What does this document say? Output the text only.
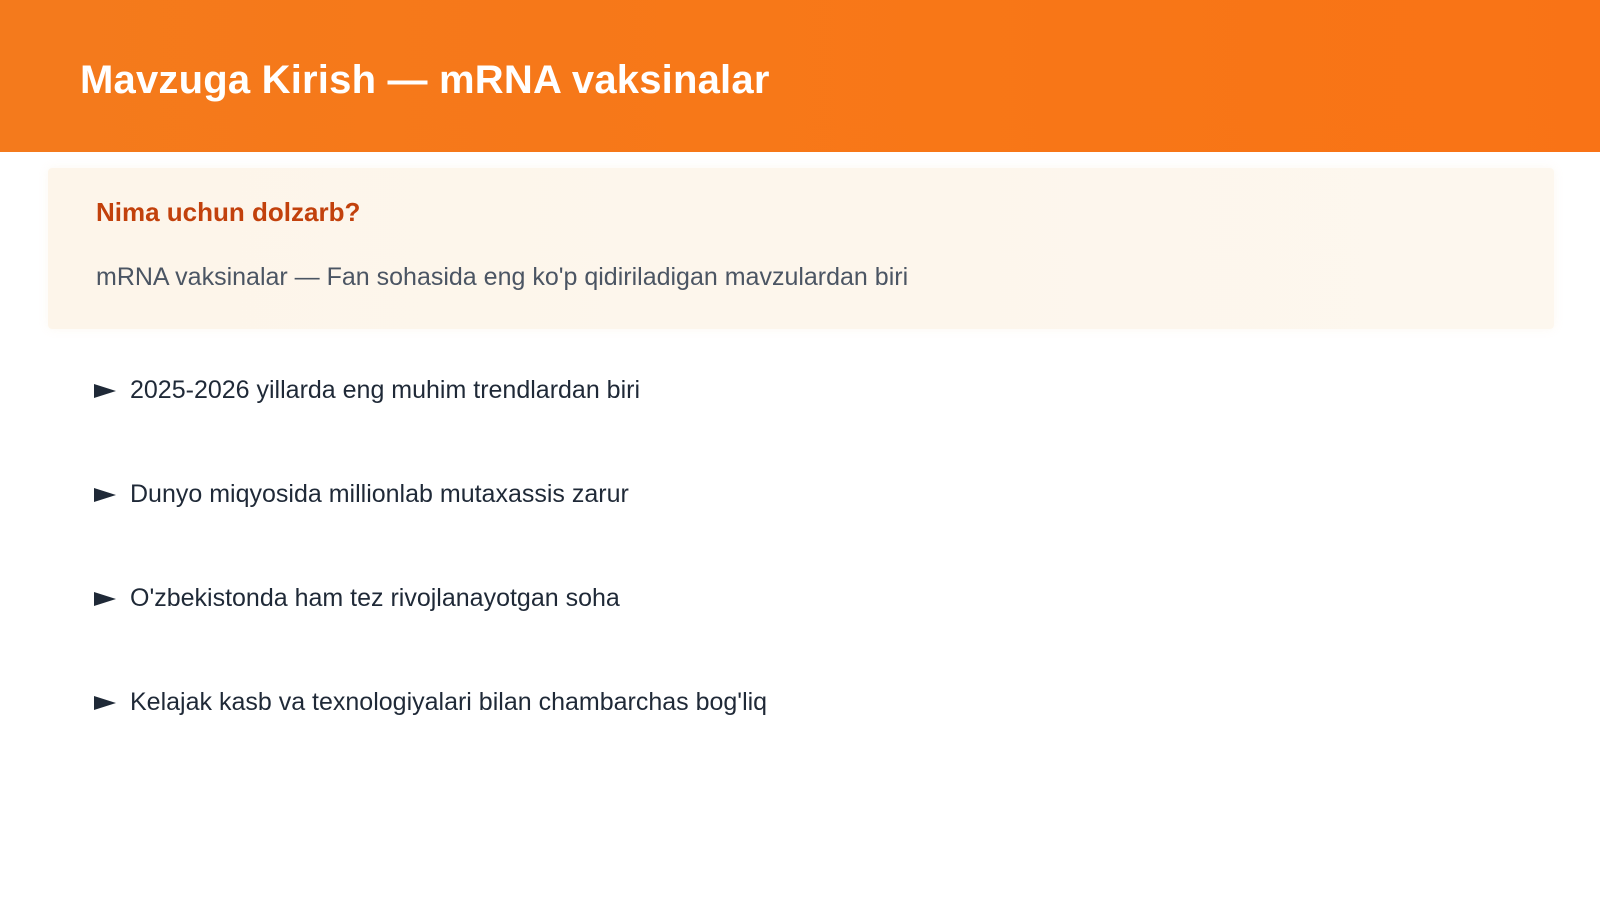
Mavzuga Kirish — mRNA vaksinalar
Nima uchun dolzarb?

mRNA vaksinalar — Fan sohasida eng ko'p qidiriladigan mavzulardan biri

2025-2026 yillarda eng muhim trendlardan biri
Dunyo miqyosida millionlab mutaxassis zarur
O'zbekistonda ham tez rivojlanayotgan soha
Kelajak kasb va texnologiyalari bilan chambarchas bog'liq
